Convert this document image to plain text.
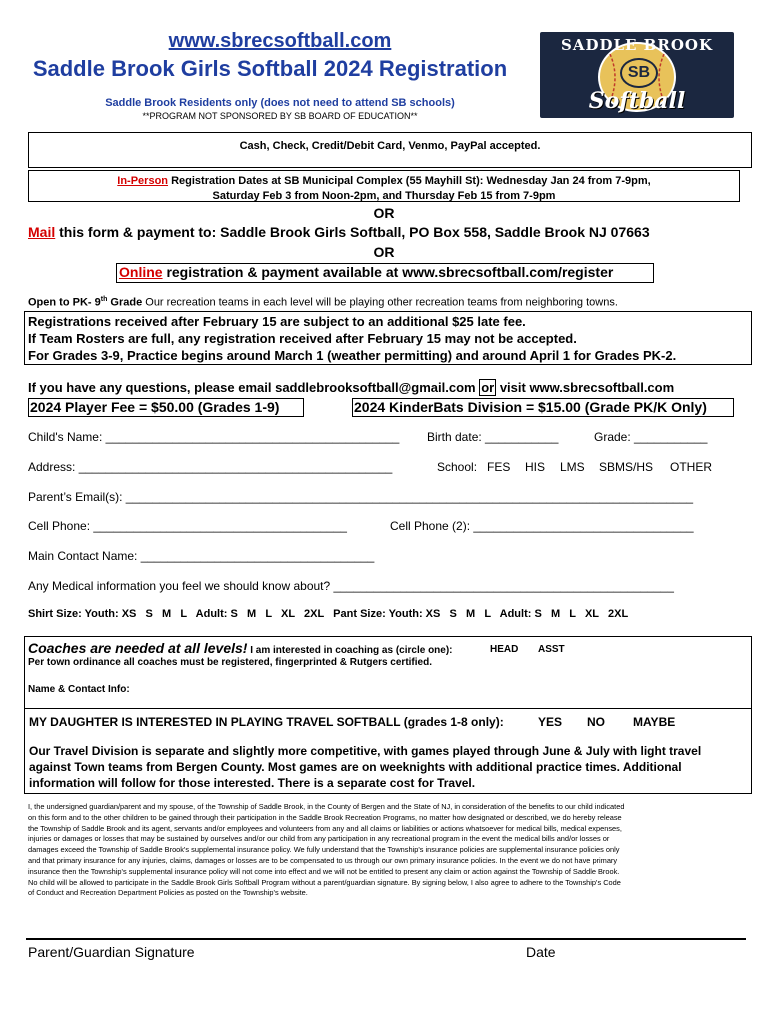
www.sbrecsoftball.com
Saddle Brook Girls Softball 2024 Registration
Saddle Brook Residents only (does not need to attend SB schools)
**PROGRAM NOT SPONSORED BY SB BOARD OF EDUCATION**
SADDLE BROOK
SB
Softball
Cash, Check, Credit/Debit Card, Venmo, PayPal accepted.
In-Person Registration Dates at SB Municipal Complex (55 Mayhill St): Wednesday Jan 24 from 7-9pm,
Saturday Feb 3 from Noon-2pm, and Thursday Feb 15 from 7-9pm
OR
Mail this form & payment to: Saddle Brook Girls Softball, PO Box 558, Saddle Brook NJ 07663
OR
Online registration & payment available at www.sbrecsoftball.com/register
Open to PK- 9th Grade Our recreation teams in each level will be playing other recreation teams from neighboring towns.
Registrations received after February 15 are subject to an additional $25 late fee.
If Team Rosters are full, any registration received after February 15 may not be accepted.
For Grades 3-9, Practice begins around March 1 (weather permitting) and around April 1 for Grades PK-2.
If you have any questions, please email saddlebrooksoftball@gmail.com or visit www.sbrecsoftball.com
2024 Player Fee = $50.00 (Grades 1-9)	2024 KinderBats Division = $15.00 (Grade PK/K Only)
Child's Name: ____________________________________________ Birth date: ___________	Grade: ___________
Address: _______________________________________________	School: FES HIS LMS SBMS/HS OTHER
Parent’s Email(s): _____________________________________________________________________________________
Cell Phone: ______________________________________	Cell Phone (2): _________________________________
Main Contact Name: ___________________________________
Any Medical information you feel we should know about? ___________________________________________________
Shirt Size: Youth: XS   S   M   L   Adult: S   M   L   XL   2XL   Pant Size: Youth: XS   S   M   L   Adult: S   M   L   XL   2XL
Coaches are needed at all levels! I am interested in coaching as (circle one):	HEAD ASST
Per town ordinance all coaches must be registered, fingerprinted & Rutgers certified.
Name & Contact Info:
MY DAUGHTER IS INTERESTED IN PLAYING TRAVEL SOFTBALL (grades 1-8 only):	YES NO MAYBE
Our Travel Division is separate and slightly more competitive, with games played through June & July with light travel
against Town teams from Bergen County. Most games are on weeknights with additional practice times. Additional
information will follow for those interested. There is a separate cost for Travel.
I, the undersigned guardian/parent and my spouse, of the Township of Saddle Brook, in the County of Bergen and the State of NJ, in consideration of the benefits to our child indicated
on this form and to the other children to be gained through their participation in the Saddle Brook Recreation Programs, no matter how designated or described, we do hereby release
the Township of Saddle Brook and its agent, servants and/or employees and volunteers from any and all claims or liabilities or actions whatsoever for medical bills, medical expenses,
injuries or damages or losses that may be sustained by ourselves and/or our child from any participation in any recreational program in the event the medical bills and/or losses or
damages exceed the Township of Saddle Brook's supplemental insurance policy. We fully understand that the Township's insurance policies are supplemental insurance policies only
and that primary insurance for any injuries, claims, damages or losses are to be compensated to us through our own primary insurance policies. In the event we do not have primary
insurance then the Township's supplemental insurance policy will not come into effect and we will not be entitled to present any claim or action against the Township of Saddle Brook.
No child will be allowed to participate in the Saddle Brook Girls Softball Program without a parent/guardian signature. By signing below, I also agree to adhere to the Township's Code
of Conduct and Recreation Department Policies as posted on the Township's website.
Parent/Guardian Signature	Date
